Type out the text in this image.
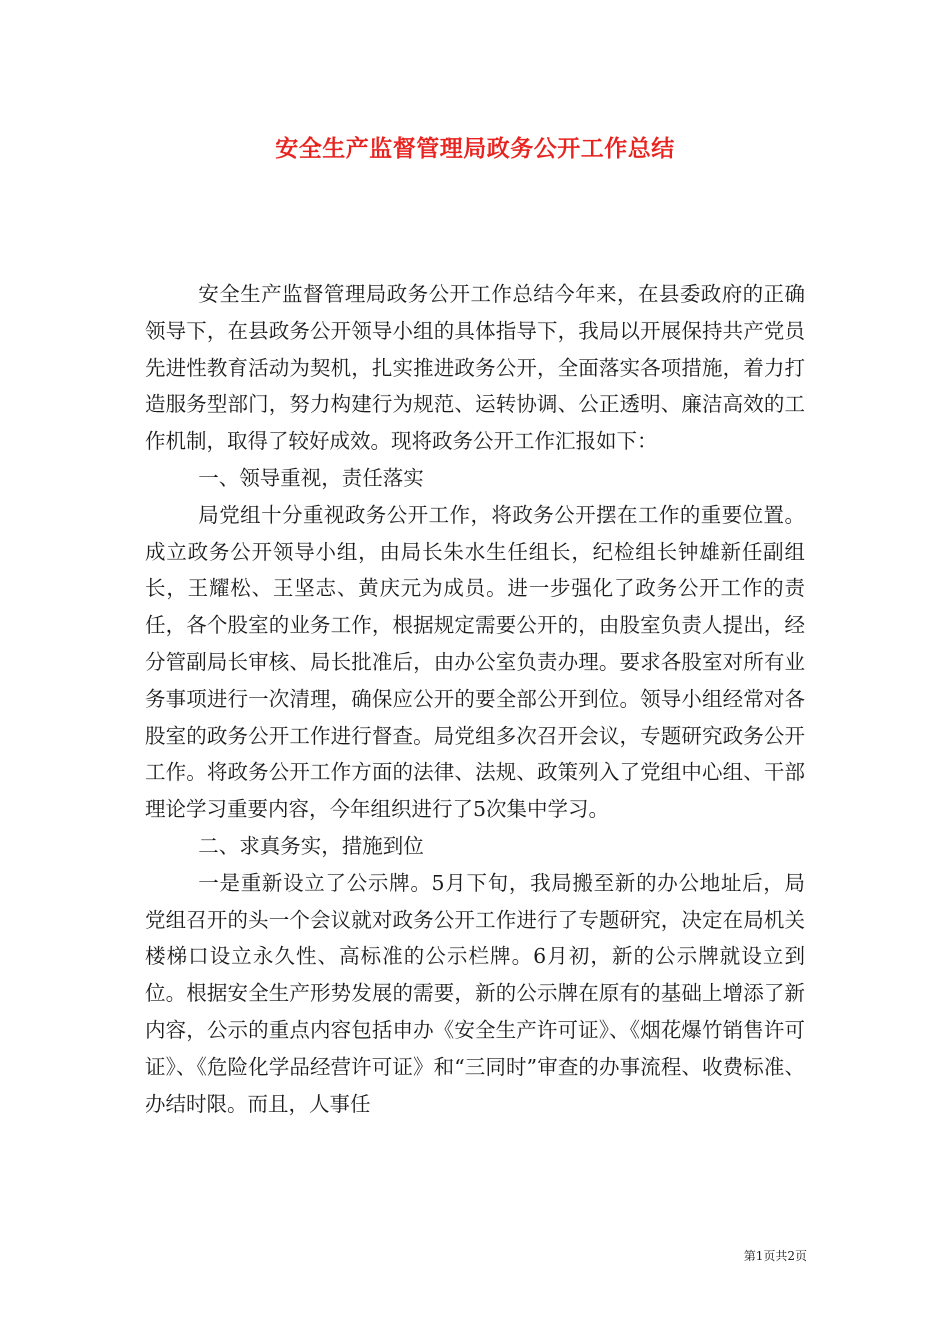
安全生产监督管理局政务公开工作总结

安全生产监督管理局政务公开工作总结今年来，在县委政府的正确领导下，在县政务公开领导小组的具体指导下，我局以开展保持共产党员先进性教育活动为契机，扎实推进政务公开，全面落实各项措施，着力打造服务型部门，努力构建行为规范、运转协调、公正透明、廉洁高效的工作机制，取得了较好成效。现将政务公开工作汇报如下：

一、领导重视，责任落实

局党组十分重视政务公开工作，将政务公开摆在工作的重要位置。成立政务公开领导小组，由局长朱水生任组长，纪检组长钟雄新任副组长，王耀松、王坚志、黄庆元为成员。进一步强化了政务公开工作的责任，各个股室的业务工作，根据规定需要公开的，由股室负责人提出，经分管副局长审核、局长批准后，由办公室负责办理。要求各股室对所有业务事项进行一次清理，确保应公开的要全部公开到位。领导小组经常对各股室的政务公开工作进行督查。局党组多次召开会议，专题研究政务公开工作。将政务公开工作方面的法律、法规、政策列入了党组中心组、干部理论学习重要内容，今年组织进行了5次集中学习。

二、求真务实，措施到位

一是重新设立了公示牌。5月下旬，我局搬至新的办公地址后，局党组召开的头一个会议就对政务公开工作进行了专题研究，决定在局机关楼梯口设立永久性、高标准的公示栏牌。6月初，新的公示牌就设立到位。根据安全生产形势发展的需要，新的公示牌在原有的基础上增添了新内容，公示的重点内容包括申办《安全生产许可证》、《烟花爆竹销售许可证》、《危险化学品经营许可证》和“三同时”审查的办事流程、收费标准、办结时限。而且，人事任

第1页共2页
